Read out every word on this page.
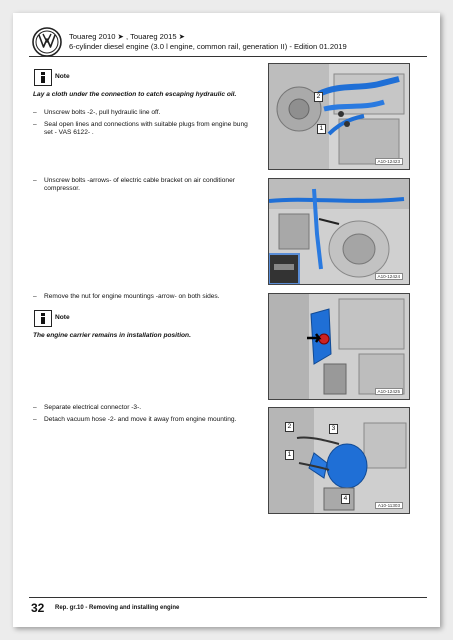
Touareg 2010 ➤ , Touareg 2015 ➤
6-cylinder diesel engine (3.0 l engine, common rail, generation II) - Edition 01.2019
Note
Lay a cloth under the connection to catch escaping hydraulic oil.
– Unscrew bolts -2-, pull hydraulic line off.
– Seal open lines and connections with suitable plugs from engine bung set - VAS 6122- .
– Unscrew bolts -arrows- of electric cable bracket on air conditioner compressor.
– Remove the nut for engine mountings -arrow- on both sides.
Note
The engine carrier remains in installation position.
– Separate electrical connector -3-.
– Detach vacuum hose -2- and move it away from engine mounting.
2
1
A10-12423
A10-12424
A10-12425
2	3
1
4
A10-11303
32 Rep. gr.10 - Removing and installing engine
